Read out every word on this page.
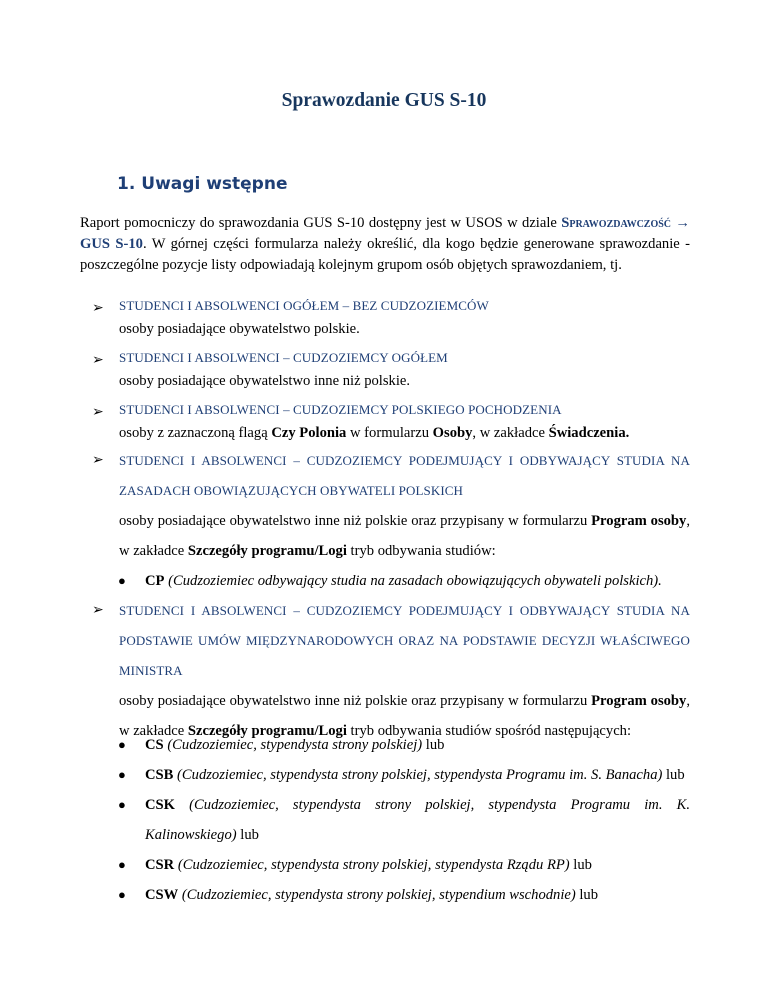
Sprawozdanie GUS S-10
1. Uwagi wstępne

Raport pomocniczy do sprawozdania GUS S-10 dostępny jest w USOS w dziale Sprawozdawczość → GUS S-10. W górnej części formularza należy określić, dla kogo będzie generowane sprawozdanie - poszczególne pozycje listy odpowiadają kolejnym grupom osób objętych sprawozdaniem, tj.

➢ STUDENCI I ABSOLWENCI OGÓŁEM – BEZ CUDZOZIEMCÓW
osoby posiadające obywatelstwo polskie.
➢ STUDENCI I ABSOLWENCI – CUDZOZIEMCY OGÓŁEM
osoby posiadające obywatelstwo inne niż polskie.
➢ STUDENCI I ABSOLWENCI – CUDZOZIEMCY POLSKIEGO POCHODZENIA
osoby z zaznaczoną flagą Czy Polonia w formularzu Osoby, w zakładce Świadczenia.
➢ STUDENCI I ABSOLWENCI – CUDZOZIEMCY PODEJMUJĄCY I ODBYWAJĄCY STUDIA NA ZASADACH OBOWIĄZUJĄCYCH OBYWATELI POLSKICH
osoby posiadające obywatelstwo inne niż polskie oraz przypisany w formularzu Program osoby, w zakładce Szczegóły programu/Logi tryb odbywania studiów:
● CP (Cudzoziemiec odbywający studia na zasadach obowiązujących obywateli polskich).
➢ STUDENCI I ABSOLWENCI – CUDZOZIEMCY PODEJMUJĄCY I ODBYWAJĄCY STUDIA NA PODSTAWIE UMÓW MIĘDZYNARODOWYCH ORAZ NA PODSTAWIE DECYZJI WŁAŚCIWEGO MINISTRA
osoby posiadające obywatelstwo inne niż polskie oraz przypisany w formularzu Program osoby, w zakładce Szczegóły programu/Logi tryb odbywania studiów spośród następujących:
● CS (Cudzoziemiec, stypendysta strony polskiej) lub
● CSB (Cudzoziemiec, stypendysta strony polskiej, stypendysta Programu im. S. Banacha) lub
● CSK (Cudzoziemiec, stypendysta strony polskiej, stypendysta Programu im. K. Kalinowskiego) lub
● CSR (Cudzoziemiec, stypendysta strony polskiej, stypendysta Rządu RP) lub
● CSW (Cudzoziemiec, stypendysta strony polskiej, stypendium wschodnie) lub
